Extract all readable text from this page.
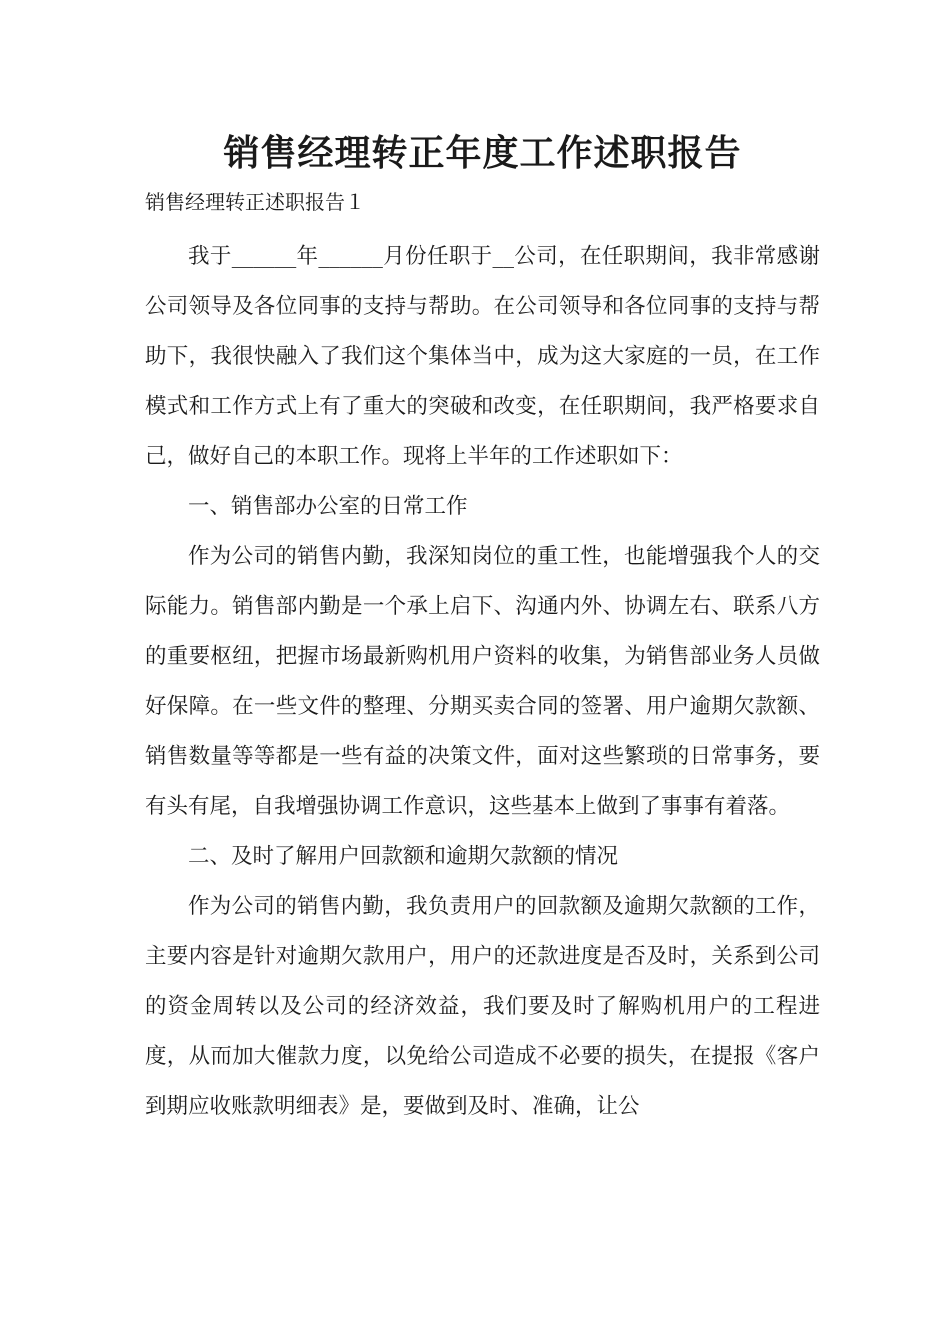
销售经理转正年度工作述职报告

销售经理转正述职报告１

我于______年______月份任职于__公司，在任职期间，我非常感谢公司领导及各位同事的支持与帮助。在公司领导和各位同事的支持与帮助下，我很快融入了我们这个集体当中，成为这大家庭的一员，在工作模式和工作方式上有了重大的突破和改变，在任职期间，我严格要求自己，做好自己的本职工作。现将上半年的工作述职如下：

一、销售部办公室的日常工作

作为公司的销售内勤，我深知岗位的重工性，也能增强我个人的交际能力。销售部内勤是一个承上启下、沟通内外、协调左右、联系八方的重要枢纽，把握市场最新购机用户资料的收集，为销售部业务人员做好保障。在一些文件的整理、分期买卖合同的签署、用户逾期欠款额、销售数量等等都是一些有益的决策文件，面对这些繁琐的日常事务，要有头有尾，自我增强协调工作意识，这些基本上做到了事事有着落。

二、及时了解用户回款额和逾期欠款额的情况

作为公司的销售内勤，我负责用户的回款额及逾期欠款额的工作，主要内容是针对逾期欠款用户，用户的还款进度是否及时，关系到公司的资金周转以及公司的经济效益，我们要及时了解购机用户的工程进度，从而加大催款力度，以免给公司造成不必要的损失，在提报《客户到期应收账款明细表》是，要做到及时、准确，让公
